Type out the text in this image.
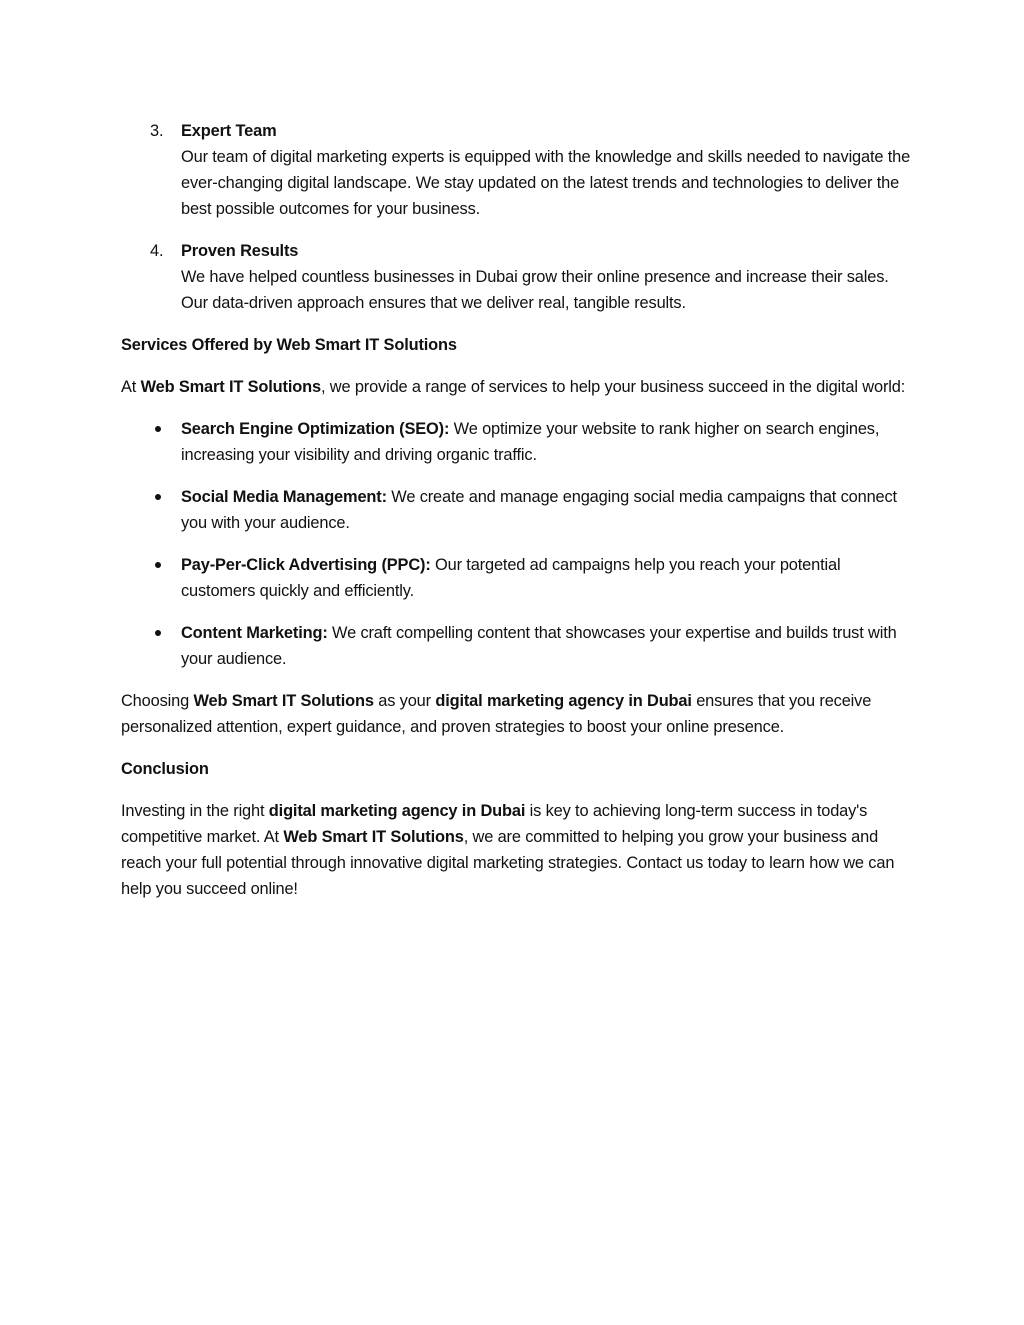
3. Expert Team
Our team of digital marketing experts is equipped with the knowledge and skills needed to navigate the ever-changing digital landscape. We stay updated on the latest trends and technologies to deliver the best possible outcomes for your business.
4. Proven Results
We have helped countless businesses in Dubai grow their online presence and increase their sales. Our data-driven approach ensures that we deliver real, tangible results.
Services Offered by Web Smart IT Solutions

At Web Smart IT Solutions, we provide a range of services to help your business succeed in the digital world:

Search Engine Optimization (SEO): We optimize your website to rank higher on search engines, increasing your visibility and driving organic traffic.
Social Media Management: We create and manage engaging social media campaigns that connect you with your audience.
Pay-Per-Click Advertising (PPC): Our targeted ad campaigns help you reach your potential customers quickly and efficiently.
Content Marketing: We craft compelling content that showcases your expertise and builds trust with your audience.

Choosing Web Smart IT Solutions as your digital marketing agency in Dubai ensures that you receive personalized attention, expert guidance, and proven strategies to boost your online presence.

Conclusion

Investing in the right digital marketing agency in Dubai is key to achieving long-term success in today's competitive market. At Web Smart IT Solutions, we are committed to helping you grow your business and reach your full potential through innovative digital marketing strategies. Contact us today to learn how we can help you succeed online!
